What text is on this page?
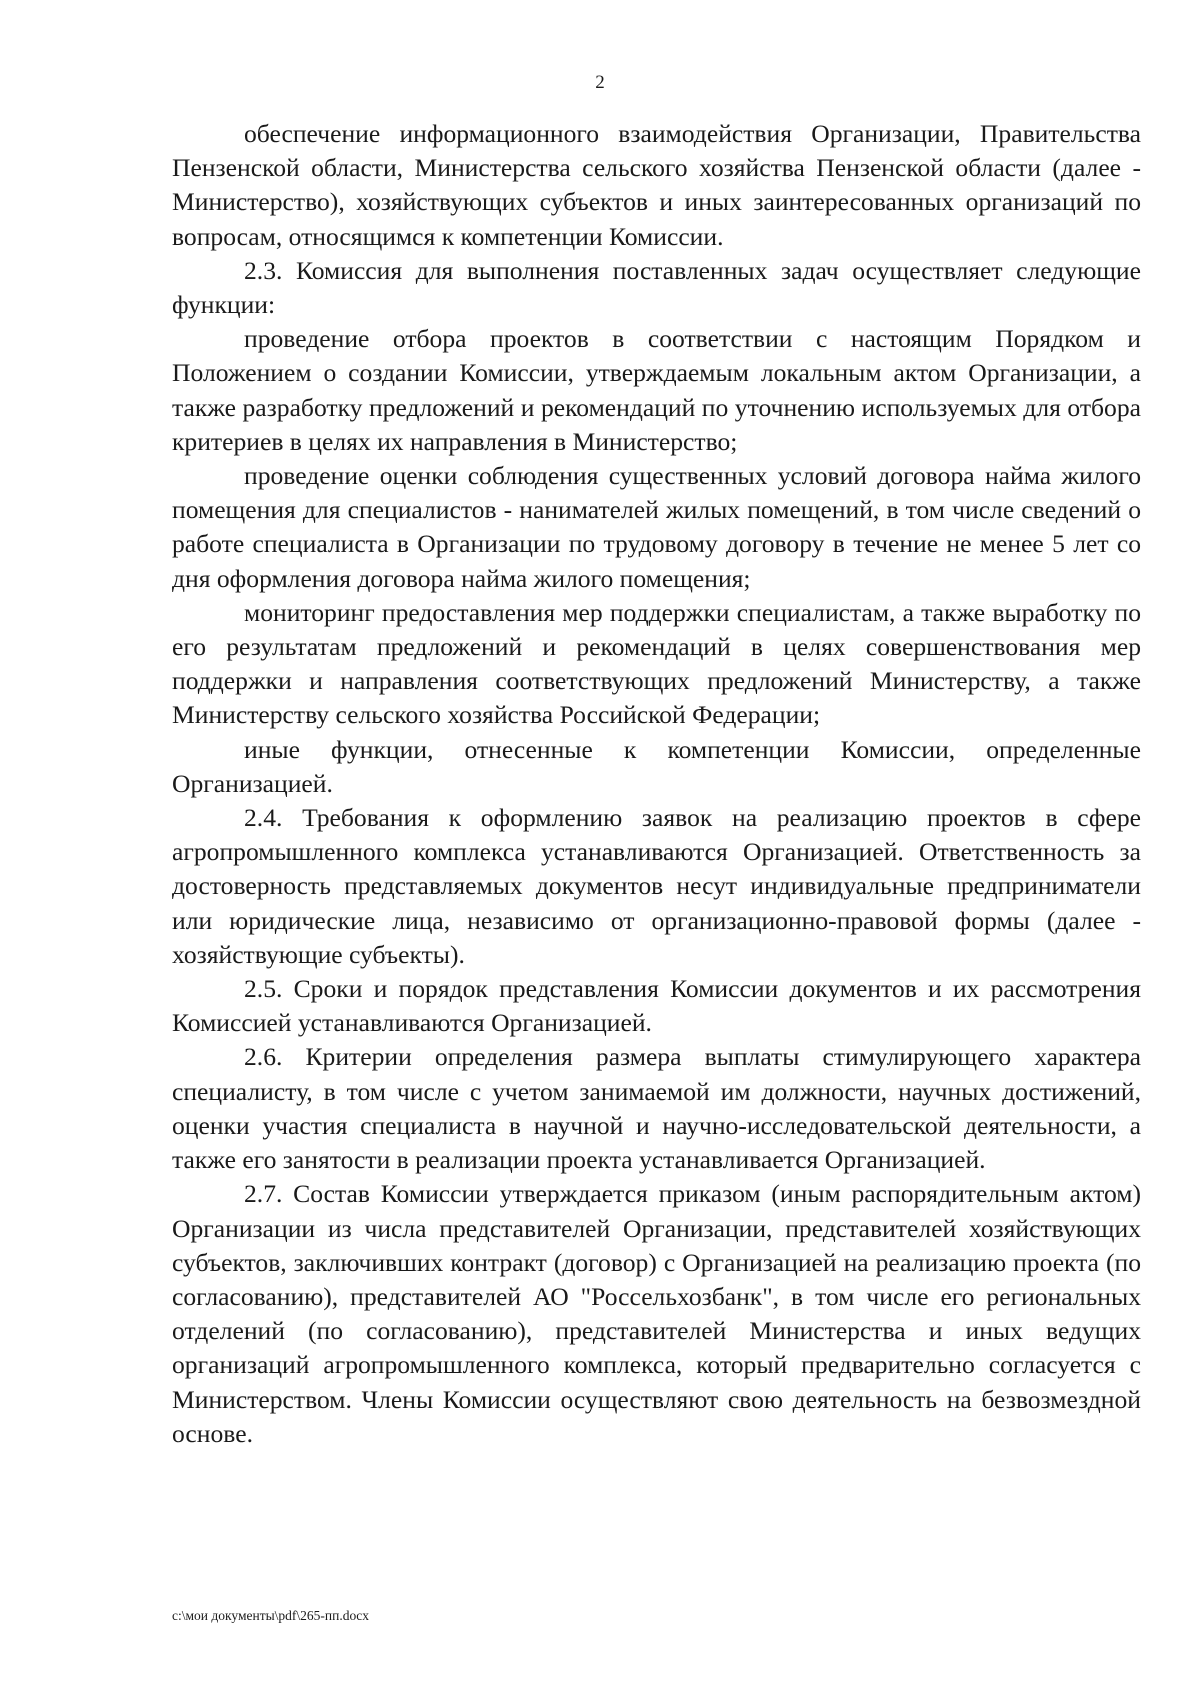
2

обеспечение информационного взаимодействия Организации, Правительства Пензенской области, Министерства сельского хозяйства Пензенской области (далее - Министерство), хозяйствующих субъектов и иных заинтересованных организаций по вопросам, относящимся к компетенции Комиссии.

2.3. Комиссия для выполнения поставленных задач осуществляет следующие функции:

проведение отбора проектов в соответствии с настоящим Порядком и Положением о создании Комиссии, утверждаемым локальным актом Организации, а также разработку предложений и рекомендаций по уточнению используемых для отбора критериев в целях их направления в Министерство;

проведение оценки соблюдения существенных условий договора найма жилого помещения для специалистов - нанимателей жилых помещений, в том числе сведений о работе специалиста в Организации по трудовому договору в течение не менее 5 лет со дня оформления договора найма жилого помещения;

мониторинг предоставления мер поддержки специалистам, а также выработку по его результатам предложений и рекомендаций в целях совершенствования мер поддержки и направления соответствующих предложений Министерству, а также Министерству сельского хозяйства Российской Федерации;

иные функции, отнесенные к компетенции Комиссии, определенные Организацией.

2.4. Требования к оформлению заявок на реализацию проектов в сфере агропромышленного комплекса устанавливаются Организацией. Ответственность за достоверность представляемых документов несут индивидуальные предприниматели или юридические лица, независимо от организационно-правовой формы (далее - хозяйствующие субъекты).

2.5. Сроки и порядок представления Комиссии документов и их рассмотрения Комиссией устанавливаются Организацией.

2.6. Критерии определения размера выплаты стимулирующего характера специалисту, в том числе с учетом занимаемой им должности, научных достижений, оценки участия специалиста в научной и научно-исследовательской деятельности, а также его занятости в реализации проекта устанавливается Организацией.

2.7. Состав Комиссии утверждается приказом (иным распорядительным актом) Организации из числа представителей Организации, представителей хозяйствующих субъектов, заключивших контракт (договор) с Организацией на реализацию проекта (по согласованию), представителей АО "Россельхозбанк", в том числе его региональных отделений (по согласованию), представителей Министерства и иных ведущих организаций агропромышленного комплекса, который предварительно согласуется с Министерством. Члены Комиссии осуществляют свою деятельность на безвозмездной основе.

c:\мои документы\pdf\265-пп.docx
